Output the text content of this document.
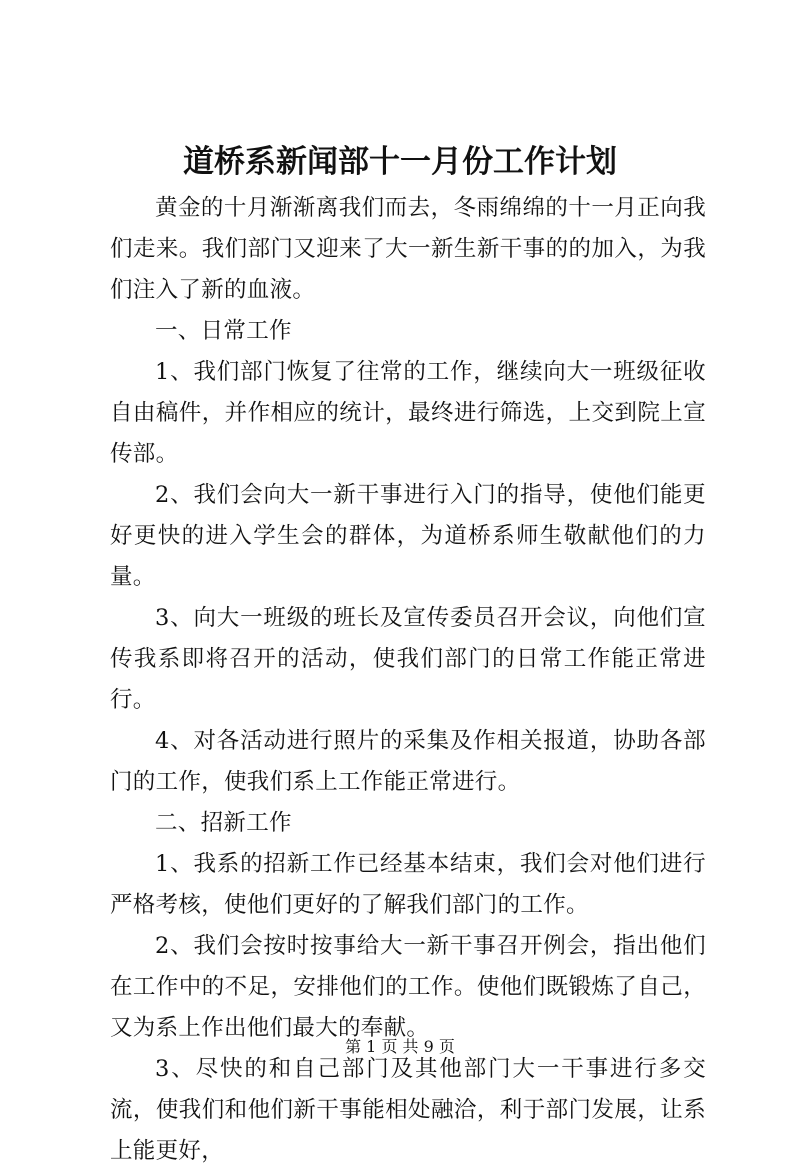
道桥系新闻部十一月份工作计划

黄金的十月渐渐离我们而去，冬雨绵绵的十一月正向我们走来。我们部门又迎来了大一新生新干事的的加入，为我们注入了新的血液。

一、日常工作

1、我们部门恢复了往常的工作，继续向大一班级征收自由稿件，并作相应的统计，最终进行筛选，上交到院上宣传部。

2、我们会向大一新干事进行入门的指导，使他们能更好更快的进入学生会的群体，为道桥系师生敬献他们的力量。

3、向大一班级的班长及宣传委员召开会议，向他们宣传我系即将召开的活动，使我们部门的日常工作能正常进行。

4、对各活动进行照片的采集及作相关报道，协助各部门的工作，使我们系上工作能正常进行。

二、招新工作

1、我系的招新工作已经基本结束，我们会对他们进行严格考核，使他们更好的了解我们部门的工作。

2、我们会按时按事给大一新干事召开例会，指出他们在工作中的不足，安排他们的工作。使他们既锻炼了自己，又为系上作出他们最大的奉献。

3、尽快的和自己部门及其他部门大一干事进行多交流，使我们和他们新干事能相处融洽，利于部门发展，让系上能更好，

第 1 页 共 9 页
